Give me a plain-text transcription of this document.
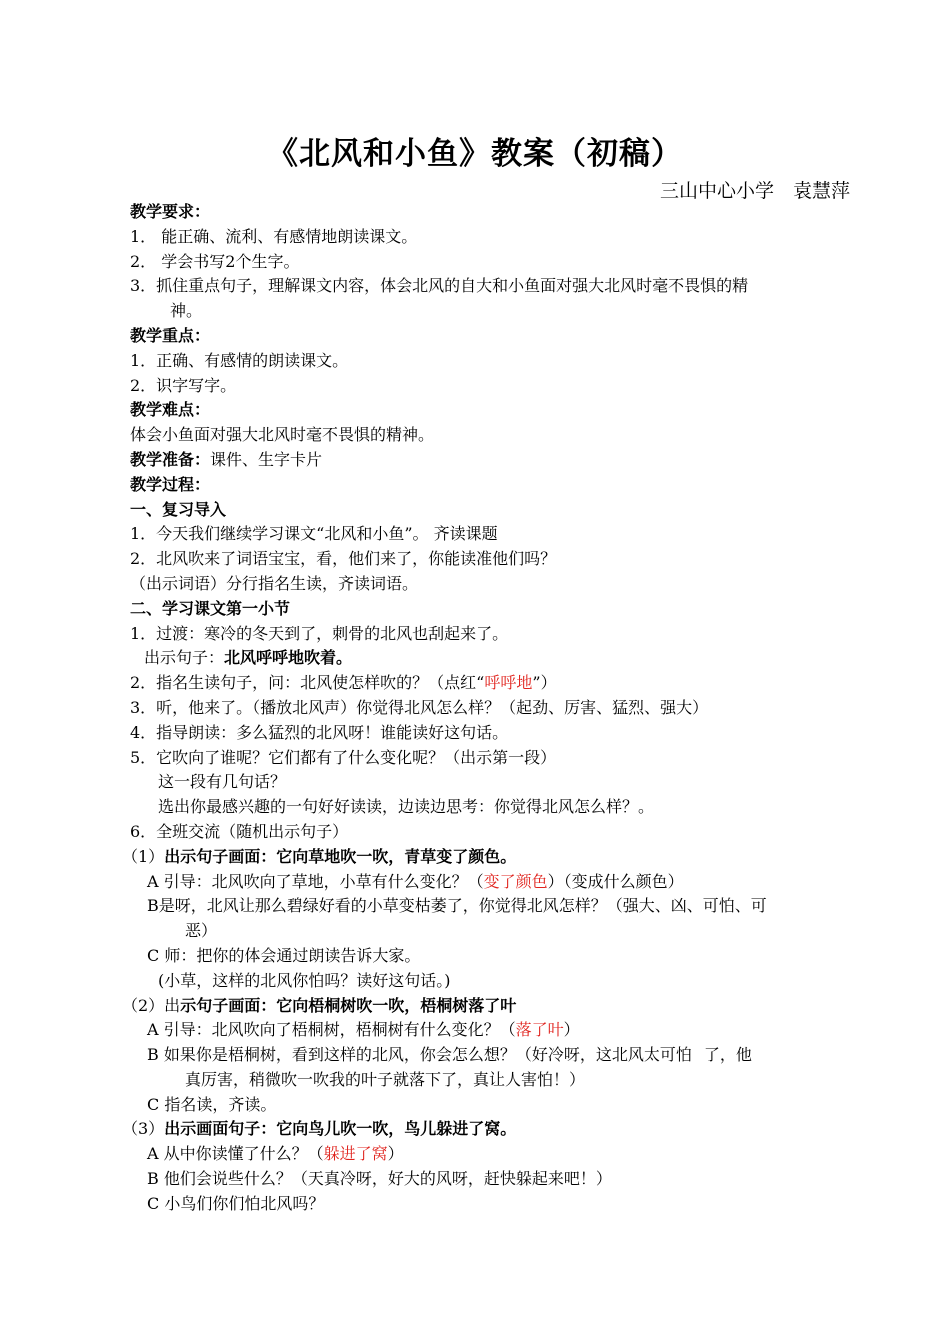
《北风和小鱼》教案（初稿）
三山中心小学　袁慧萍
教学要求：
1． 能正确、流利、有感情地朗读课文。
2． 学会书写2个生字。
3．抓住重点句子，理解课文内容，体会北风的自大和小鱼面对强大北风时毫不畏惧的精
神。
教学重点：
1．正确、有感情的朗读课文。
2．识字写字。
教学难点：
体会小鱼面对强大北风时毫不畏惧的精神。
教学准备：课件、生字卡片
教学过程：
一、复习导入
1．今天我们继续学习课文“北风和小鱼”。 齐读课题
2．北风吹来了词语宝宝，看，他们来了，你能读准他们吗？
（出示词语）分行指名生读，齐读词语。
二、学习课文第一小节
1．过渡：寒冷的冬天到了，刺骨的北风也刮起来了。
出示句子：北风呼呼地吹着。
2．指名生读句子，问：北风使怎样吹的？（点红“呼呼地”）
3．听，他来了。（播放北风声）你觉得北风怎么样？（起劲、厉害、猛烈、强大）
4．指导朗读：多么猛烈的北风呀！谁能读好这句话。
5．它吹向了谁呢？它们都有了什么变化呢？（出示第一段）
这一段有几句话？
选出你最感兴趣的一句好好读读，边读边思考：你觉得北风怎么样？。
6．全班交流（随机出示句子）
（1）出示句子画面：它向草地吹一吹，青草变了颜色。
A 引导：北风吹向了草地，小草有什么变化？（变了颜色）（变成什么颜色）
B是呀，北风让那么碧绿好看的小草变枯萎了，你觉得北风怎样？（强大、凶、可怕、可
恶）
C 师：把你的体会通过朗读告诉大家。
(小草，这样的北风你怕吗？读好这句话。)
（2）出示句子画面：它向梧桐树吹一吹，梧桐树落了叶
A 引导：北风吹向了梧桐树，梧桐树有什么变化？（落了叶）
B 如果你是梧桐树，看到这样的北风，你会怎么想？（好冷呀，这北风太可怕 了，他
真厉害，稍微吹一吹我的叶子就落下了，真让人害怕！）
C 指名读，齐读。
（3）出示画面句子：它向鸟儿吹一吹，鸟儿躲进了窝。
A 从中你读懂了什么？（躲进了窝）
B 他们会说些什么？（天真冷呀，好大的风呀，赶快躲起来吧！）
C 小鸟们你们怕北风吗？
